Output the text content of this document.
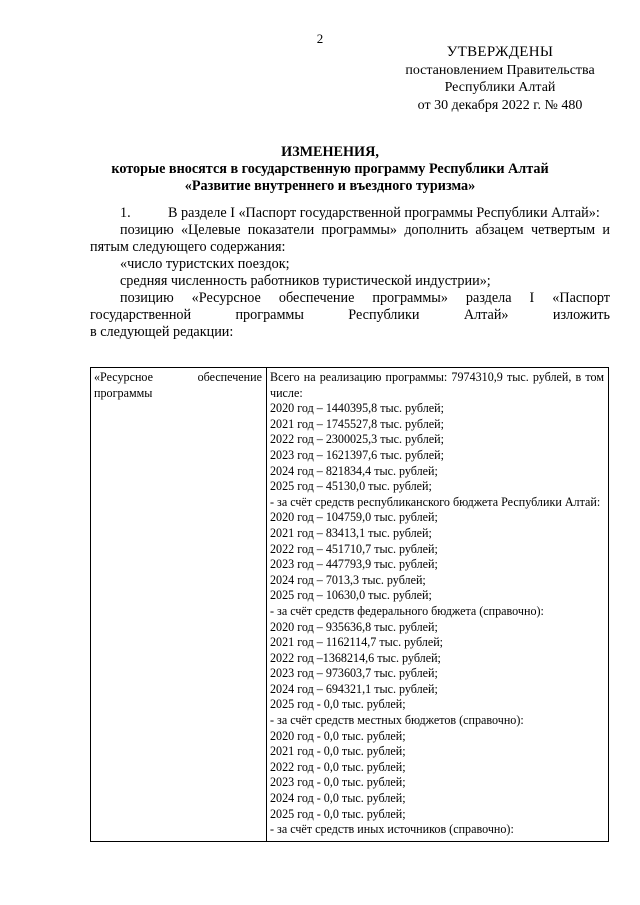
2
УТВЕРЖДЕНЫ
постановлением Правительства
Республики Алтай
от 30 декабря 2022 г. № 480
ИЗМЕНЕНИЯ,
которые вносятся в государственную программу Республики Алтай
«Развитие внутреннего и въездного туризма»

1.	В разделе I «Паспорт государственной программы Республики Алтай»:

позицию «Целевые показатели программы» дополнить абзацем четвертым и пятым следующего содержания:

«число туристских поездок;

средняя численность работников туристической индустрии»;

позицию «Ресурсное обеспечение программы» раздела I «Паспорт

государственной	программы	Республики	Алтай»	изложить

в следующей редакции:

«Ресурсное	обеспечение
программы

Всего на реализацию программы: 7974310,9 тыс. рублей, в том числе:
2020 год – 1440395,8 тыс. рублей;
2021 год – 1745527,8 тыс. рублей;
2022 год – 2300025,3 тыс. рублей;
2023 год – 1621397,6 тыс. рублей;
2024 год – 821834,4 тыс. рублей;
2025 год – 45130,0 тыс. рублей;
- за счёт средств республиканского бюджета Республики Алтай:
2020 год – 104759,0 тыс. рублей;
2021 год – 83413,1 тыс. рублей;
2022 год – 451710,7 тыс. рублей;
2023 год – 447793,9 тыс. рублей;
2024 год – 7013,3 тыс. рублей;
2025 год – 10630,0 тыс. рублей;
- за счёт средств федерального бюджета (справочно):
2020 год – 935636,8 тыс. рублей;
2021 год – 1162114,7 тыс. рублей;
2022 год –1368214,6 тыс. рублей;
2023 год – 973603,7 тыс. рублей;
2024 год – 694321,1 тыс. рублей;
2025 год - 0,0 тыс. рублей;
- за счёт средств местных бюджетов (справочно):
2020 год - 0,0 тыс. рублей;
2021 год - 0,0 тыс. рублей;
2022 год - 0,0 тыс. рублей;
2023 год - 0,0 тыс. рублей;
2024 год - 0,0 тыс. рублей;
2025 год - 0,0 тыс. рублей;
- за счёт средств иных источников (справочно):
